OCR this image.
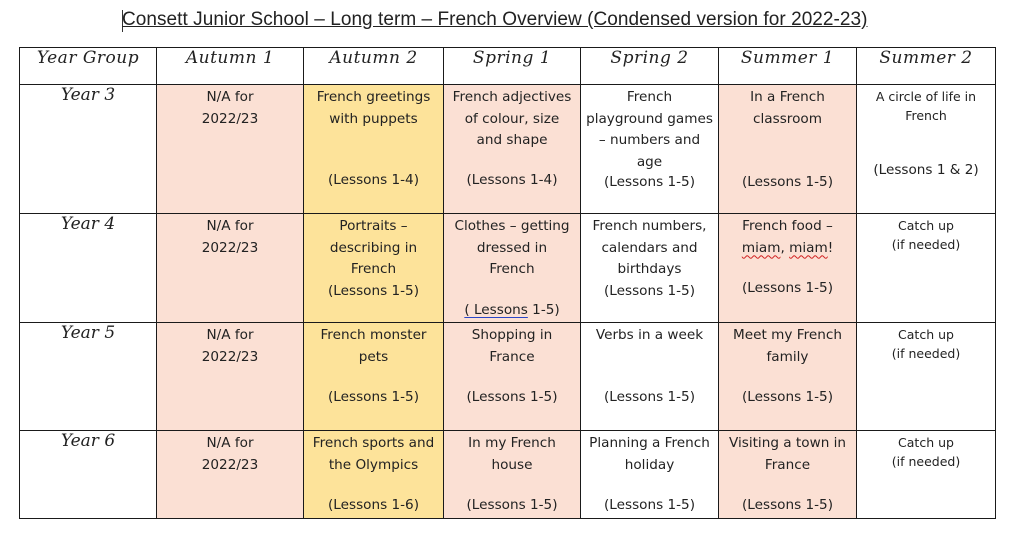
Consett Junior School – Long term – French Overview (Condensed version for 2022-23)
Year Group	Autumn 1	Autumn 2	Spring 1	Spring 2	Summer 1	Summer 2
Year 3	N/A for
2022/23	French greetings
with puppets
(Lessons 1-4)	French adjectives
of colour, size
and shape
(Lessons 1-4)	French
playground games
– numbers and
age
(Lessons 1-5)	In a French
classroom
(Lessons 1-5)	A circle of life in
French
(Lessons 1 & 2)

Year 4	N/A for
2022/23	Portraits –
describing in
French
(Lessons 1-5)	Clothes – getting
dressed in
French
( Lessons 1-5)	French numbers,
calendars and
birthdays
(Lessons 1-5)	French food –
miam, miam!
(Lessons 1-5)	Catch up
(if needed)

Year 5	N/A for
2022/23	French monster
pets
(Lessons 1-5)	Shopping in
France
(Lessons 1-5)	Verbs in a week
(Lessons 1-5)	Meet my French
family
(Lessons 1-5)	Catch up
(if needed)

Year 6	N/A for
2022/23	French sports and
the Olympics
(Lessons 1-6)	In my French
house
(Lessons 1-5)	Planning a French
holiday
(Lessons 1-5)	Visiting a town in
France
(Lessons 1-5)	Catch up
(if needed)
